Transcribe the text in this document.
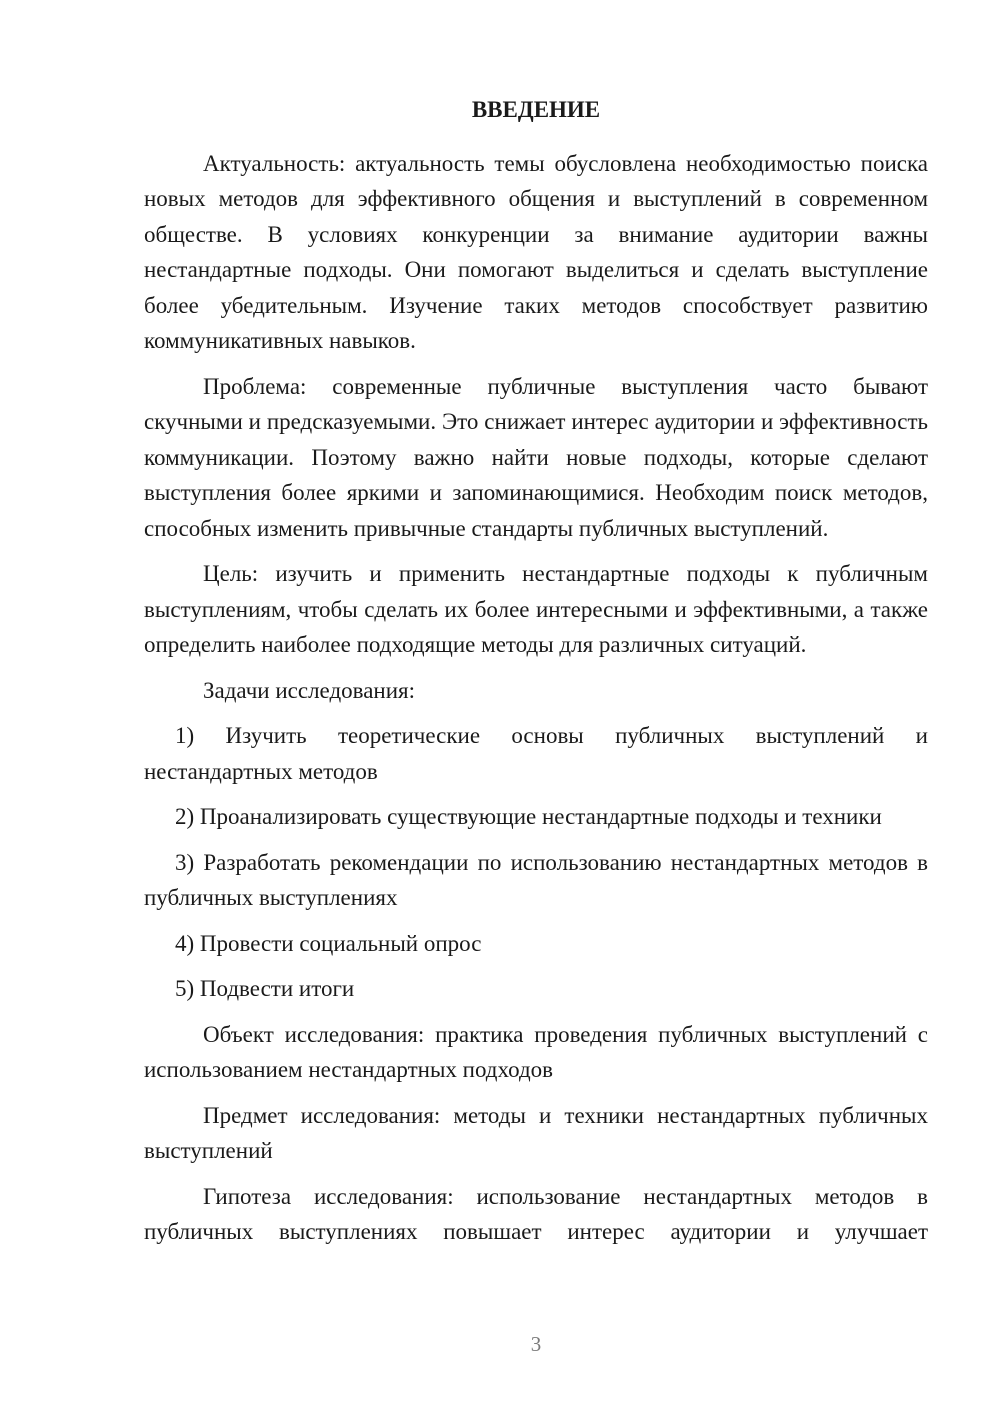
ВВЕДЕНИЕ

Актуальность: актуальность темы обусловлена необходимостью поиска новых методов для эффективного общения и выступлений в современном обществе. В условиях конкуренции за внимание аудитории важны нестандартные подходы. Они помогают выделиться и сделать выступление более убедительным. Изучение таких методов способствует развитию коммуникативных навыков.

Проблема: современные публичные выступления часто бывают скучными и предсказуемыми. Это снижает интерес аудитории и эффективность коммуникации. Поэтому важно найти новые подходы, которые сделают выступления более яркими и запоминающимися. Необходим поиск методов, способных изменить привычные стандарты публичных выступлений.

Цель: изучить и применить нестандартные подходы к публичным выступлениям, чтобы сделать их более интересными и эффективными, а также определить наиболее подходящие методы для различных ситуаций.

Задачи исследования:

1) Изучить теоретические основы публичных выступлений и нестандартных методов

2) Проанализировать существующие нестандартные подходы и техники

3) Разработать рекомендации по использованию нестандартных методов в публичных выступлениях

4) Провести социальный опрос

5) Подвести итоги

Объект исследования: практика проведения публичных выступлений с использованием нестандартных подходов

Предмет исследования: методы и техники нестандартных публичных выступлений

Гипотеза исследования: использование нестандартных методов в публичных выступлениях повышает интерес аудитории и улучшает

3
